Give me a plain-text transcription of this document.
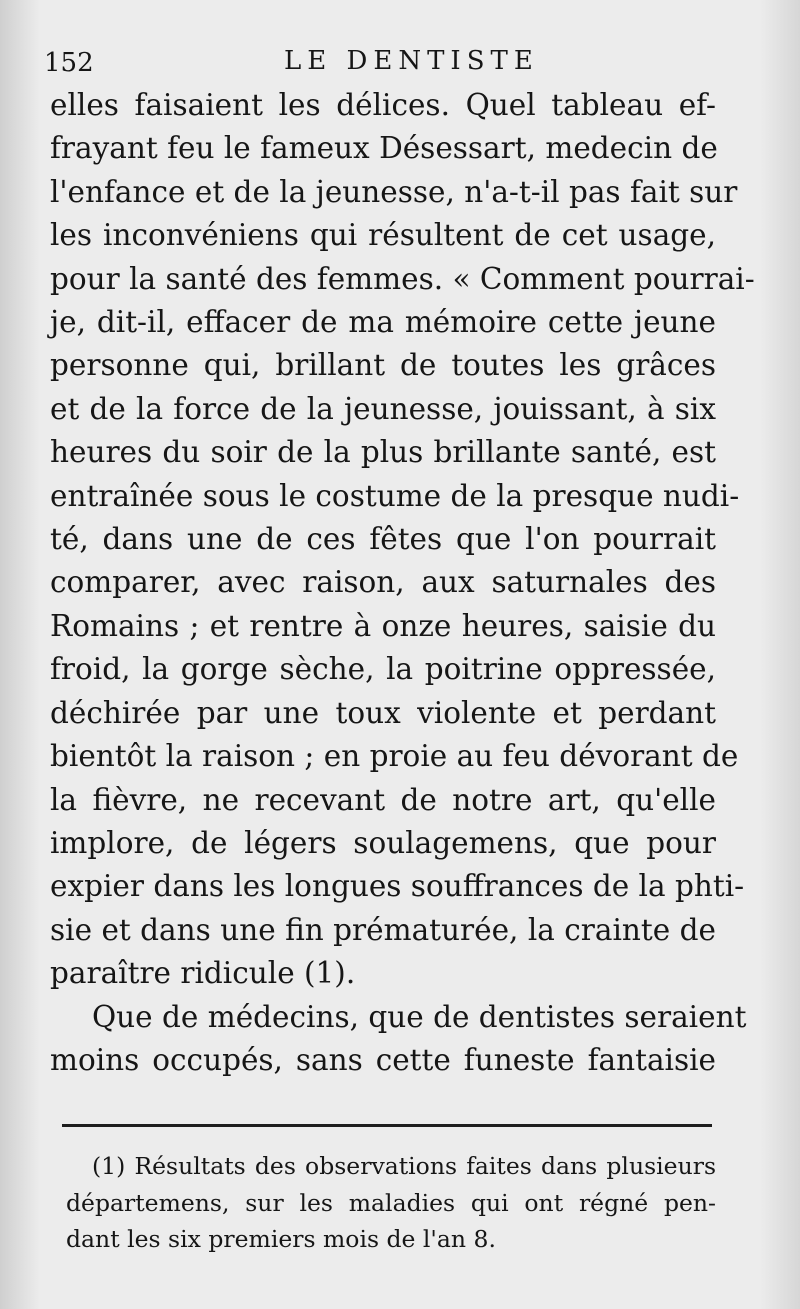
152	LE DENTISTE
elles faisaient les délices. Quel tableau ef-
frayant feu le fameux Désessart, medecin de
l'enfance et de la jeunesse, n'a-t-il pas fait sur
les inconvéniens qui résultent de cet usage,
pour la santé des femmes. « Comment pourrai-
je, dit-il, effacer de ma mémoire cette jeune
personne qui, brillant de toutes les grâces
et de la force de la jeunesse, jouissant, à six
heures du soir de la plus brillante santé, est
entraînée sous le costume de la presque nudi-
té, dans une de ces fêtes que l'on pourrait
comparer, avec raison, aux saturnales des
Romains ; et rentre à onze heures, saisie du
froid, la gorge sèche, la poitrine oppressée,
déchirée par une toux violente et perdant
bientôt la raison ; en proie au feu dévorant de
la fièvre, ne recevant de notre art, qu'elle
implore, de légers soulagemens, que pour
expier dans les longues souffrances de la phti-
sie et dans une fin prématurée, la crainte de
paraître ridicule (1).
Que de médecins, que de dentistes seraient
moins occupés, sans cette funeste fantaisie
(1) Résultats des observations faites dans plusieurs
départemens, sur les maladies qui ont régné pen-
dant les six premiers mois de l'an 8.
